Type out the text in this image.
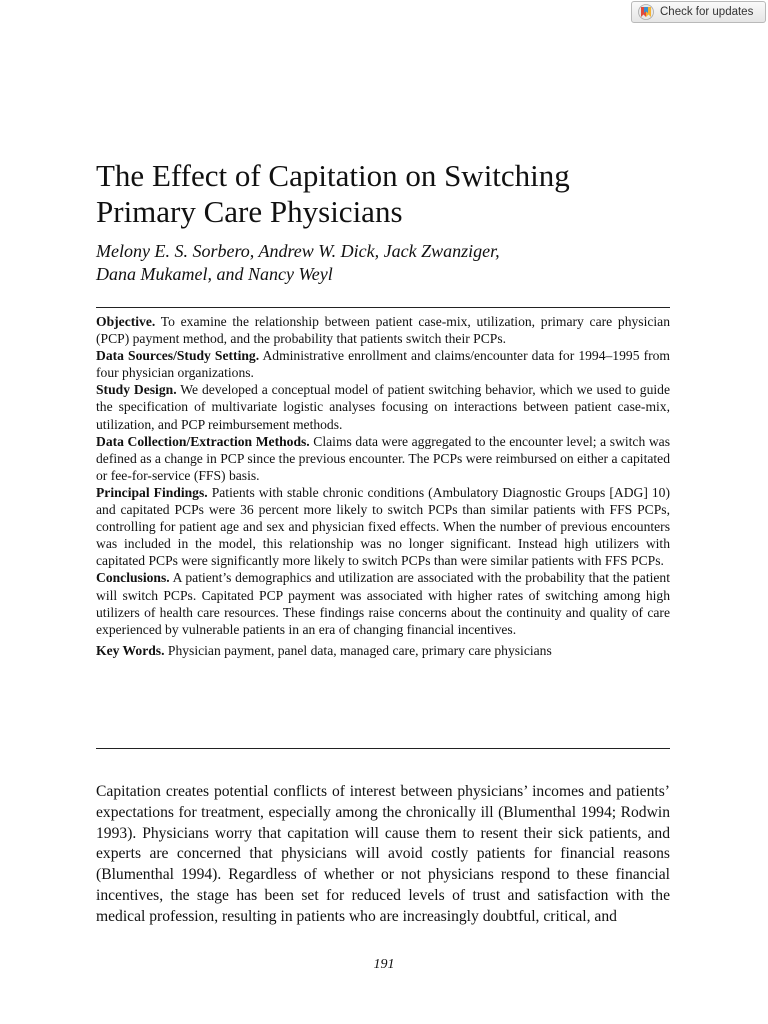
Check for updates
The Effect of Capitation on Switching
Primary Care Physicians

Melony E. S. Sorbero, Andrew W. Dick, Jack Zwanziger,
Dana Mukamel, and Nancy Weyl

Objective. To examine the relationship between patient case-mix, utilization, primary care physician (PCP) payment method, and the probability that patients switch their PCPs.

Data Sources/Study Setting. Administrative enrollment and claims/encounter data for 1994–1995 from four physician organizations.

Study Design. We developed a conceptual model of patient switching behavior, which we used to guide the specification of multivariate logistic analyses focusing on interactions between patient case-mix, utilization, and PCP reimbursement methods.

Data Collection/Extraction Methods. Claims data were aggregated to the encounter level; a switch was defined as a change in PCP since the previous encounter. The PCPs were reimbursed on either a capitated or fee-for-service (FFS) basis.

Principal Findings. Patients with stable chronic conditions (Ambulatory Diagnostic Groups [ADG] 10) and capitated PCPs were 36 percent more likely to switch PCPs than similar patients with FFS PCPs, controlling for patient age and sex and physician fixed effects. When the number of previous encounters was included in the model, this relationship was no longer significant. Instead high utilizers with capitated PCPs were significantly more likely to switch PCPs than were similar patients with FFS PCPs.

Conclusions. A patient’s demographics and utilization are associated with the probability that the patient will switch PCPs. Capitated PCP payment was associated with higher rates of switching among high utilizers of health care resources. These findings raise concerns about the continuity and quality of care experienced by vulnerable patients in an era of changing financial incentives.

Key Words. Physician payment, panel data, managed care, primary care physicians

Capitation creates potential conflicts of interest between physicians’ incomes and patients’ expectations for treatment, especially among the chronically ill (Blumenthal 1994; Rodwin 1993). Physicians worry that capitation will cause them to resent their sick patients, and experts are concerned that physicians will avoid costly patients for financial reasons (Blumenthal 1994). Regardless of whether or not physicians respond to these financial incentives, the stage has been set for reduced levels of trust and satisfaction with the medical profession, resulting in patients who are increasingly doubtful, critical, and

191
